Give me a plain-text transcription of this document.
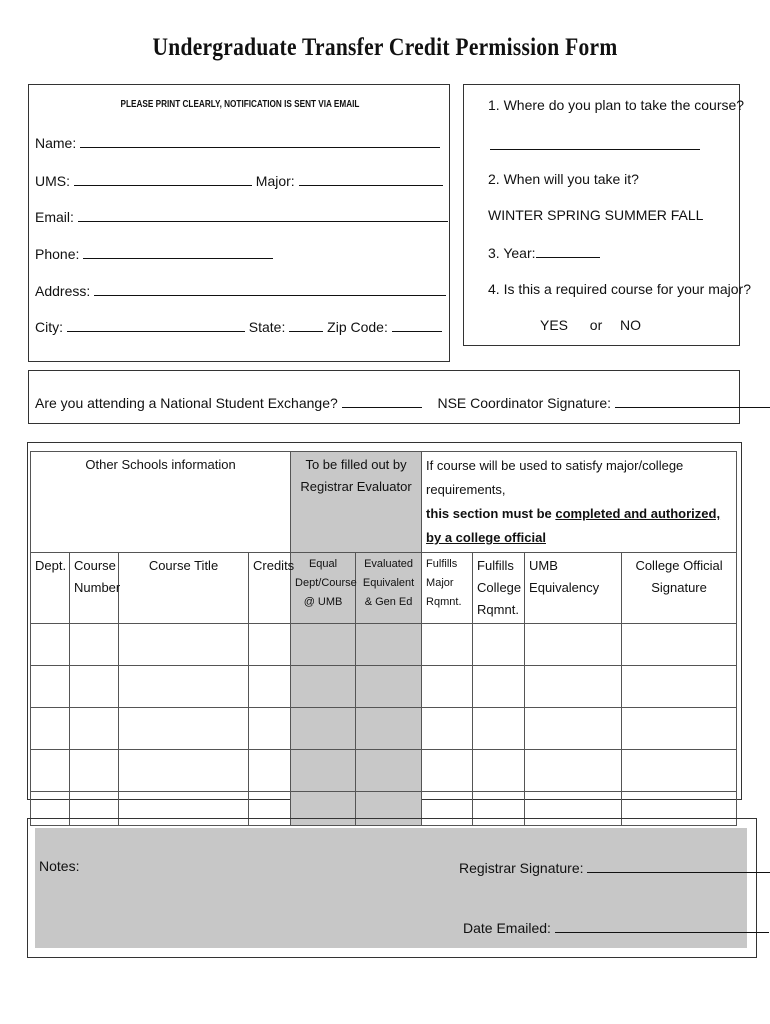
Undergraduate Transfer Credit Permission Form
PLEASE PRINT CLEARLY, NOTIFICATION IS SENT VIA EMAIL
Name:
UMS:	Major:
Email:
Phone:
Address:
City:	State:	Zip Code:
1. Where do you plan to take the course?
2. When will you take it?
WINTER SPRING SUMMER FALL
3. Year:
4. Is this a required course for your major?
YES or NO
Are you attending a National Student Exchange?	NSE Coordinator Signature:
Other Schools information				To be filled out by Registrar Evaluator		If course will be used to satisfy major/college requirements,
this section must be completed and authorized, by a college official			
Dept.	Course Number	Course Title	Credits	Equal Dept/Course @ UMB	Evaluated Equivalent & Gen Ed	Fulfills Major Rqmnt.	Fulfills College Rqmnt.	UMB Equivalency	College Official Signature

Notes:	Registrar Signature:
Date Emailed:
